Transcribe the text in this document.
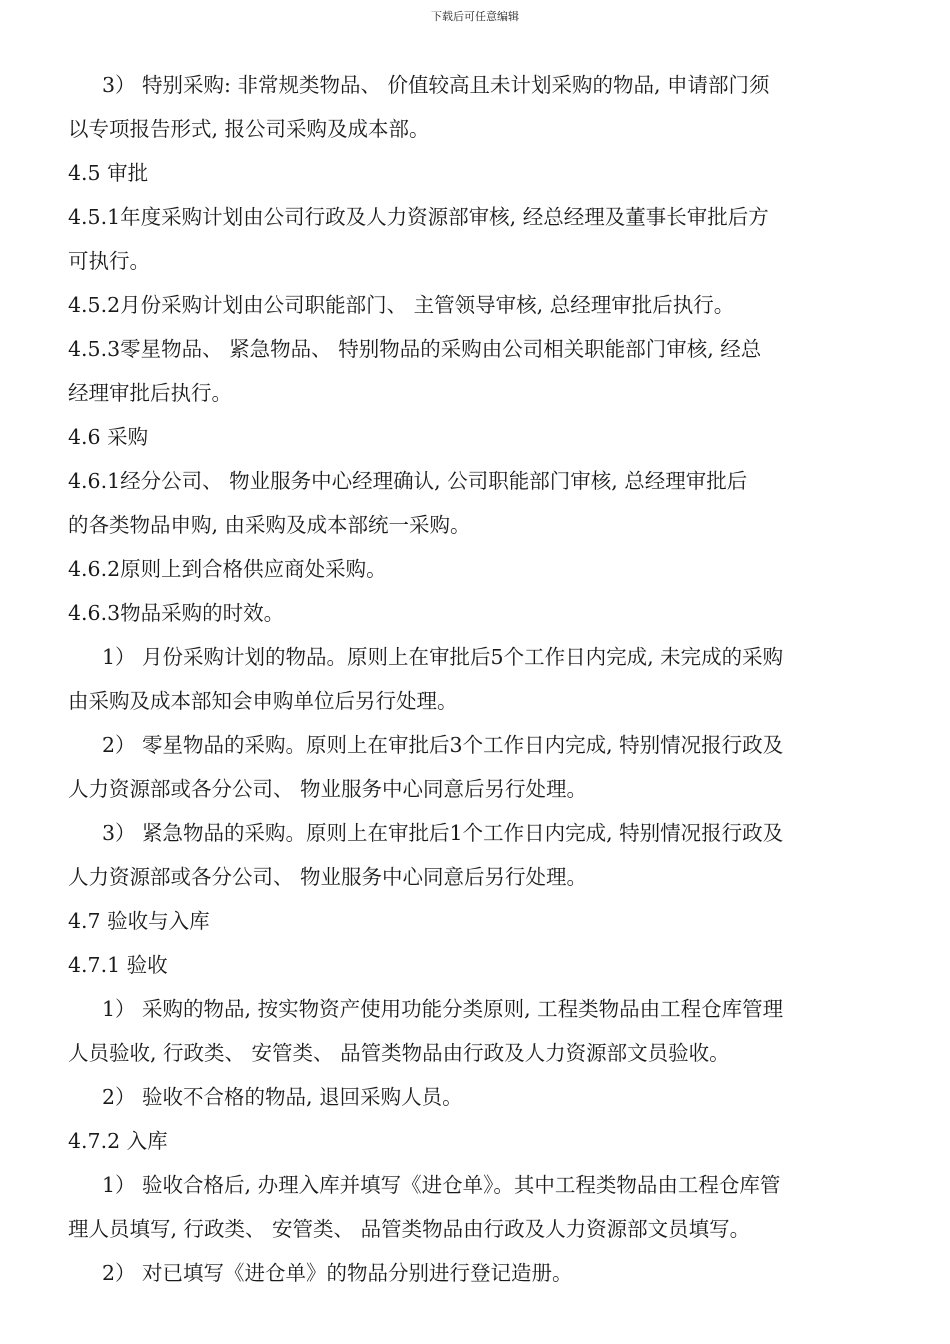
下载后可任意编辑
3） 特别采购: 非常规类物品、 价值较高且未计划采购的物品, 申请部门须
以专项报告形式, 报公司采购及成本部。
4.5 审批
4.5.1年度采购计划由公司行政及人力资源部审核, 经总经理及董事长审批后方
可执行。
4.5.2月份采购计划由公司职能部门、 主管领导审核, 总经理审批后执行。
4.5.3零星物品、 紧急物品、 特别物品的采购由公司相关职能部门审核, 经总
经理审批后执行。
4.6 采购
4.6.1经分公司、 物业服务中心经理确认, 公司职能部门审核, 总经理审批后
的各类物品申购, 由采购及成本部统一采购。
4.6.2原则上到合格供应商处采购。
4.6.3物品采购的时效。
1） 月份采购计划的物品。原则上在审批后5个工作日内完成, 未完成的采购
由采购及成本部知会申购单位后另行处理。
2） 零星物品的采购。原则上在审批后3个工作日内完成, 特别情况报行政及
人力资源部或各分公司、 物业服务中心同意后另行处理。
3） 紧急物品的采购。原则上在审批后1个工作日内完成, 特别情况报行政及
人力资源部或各分公司、 物业服务中心同意后另行处理。
4.7 验收与入库
4.7.1 验收
1） 采购的物品, 按实物资产使用功能分类原则, 工程类物品由工程仓库管理
人员验收, 行政类、 安管类、 品管类物品由行政及人力资源部文员验收。
2） 验收不合格的物品, 退回采购人员。
4.7.2 入库
1） 验收合格后, 办理入库并填写《进仓单》。其中工程类物品由工程仓库管
理人员填写, 行政类、 安管类、 品管类物品由行政及人力资源部文员填写。
2） 对已填写《进仓单》的物品分别进行登记造册。
